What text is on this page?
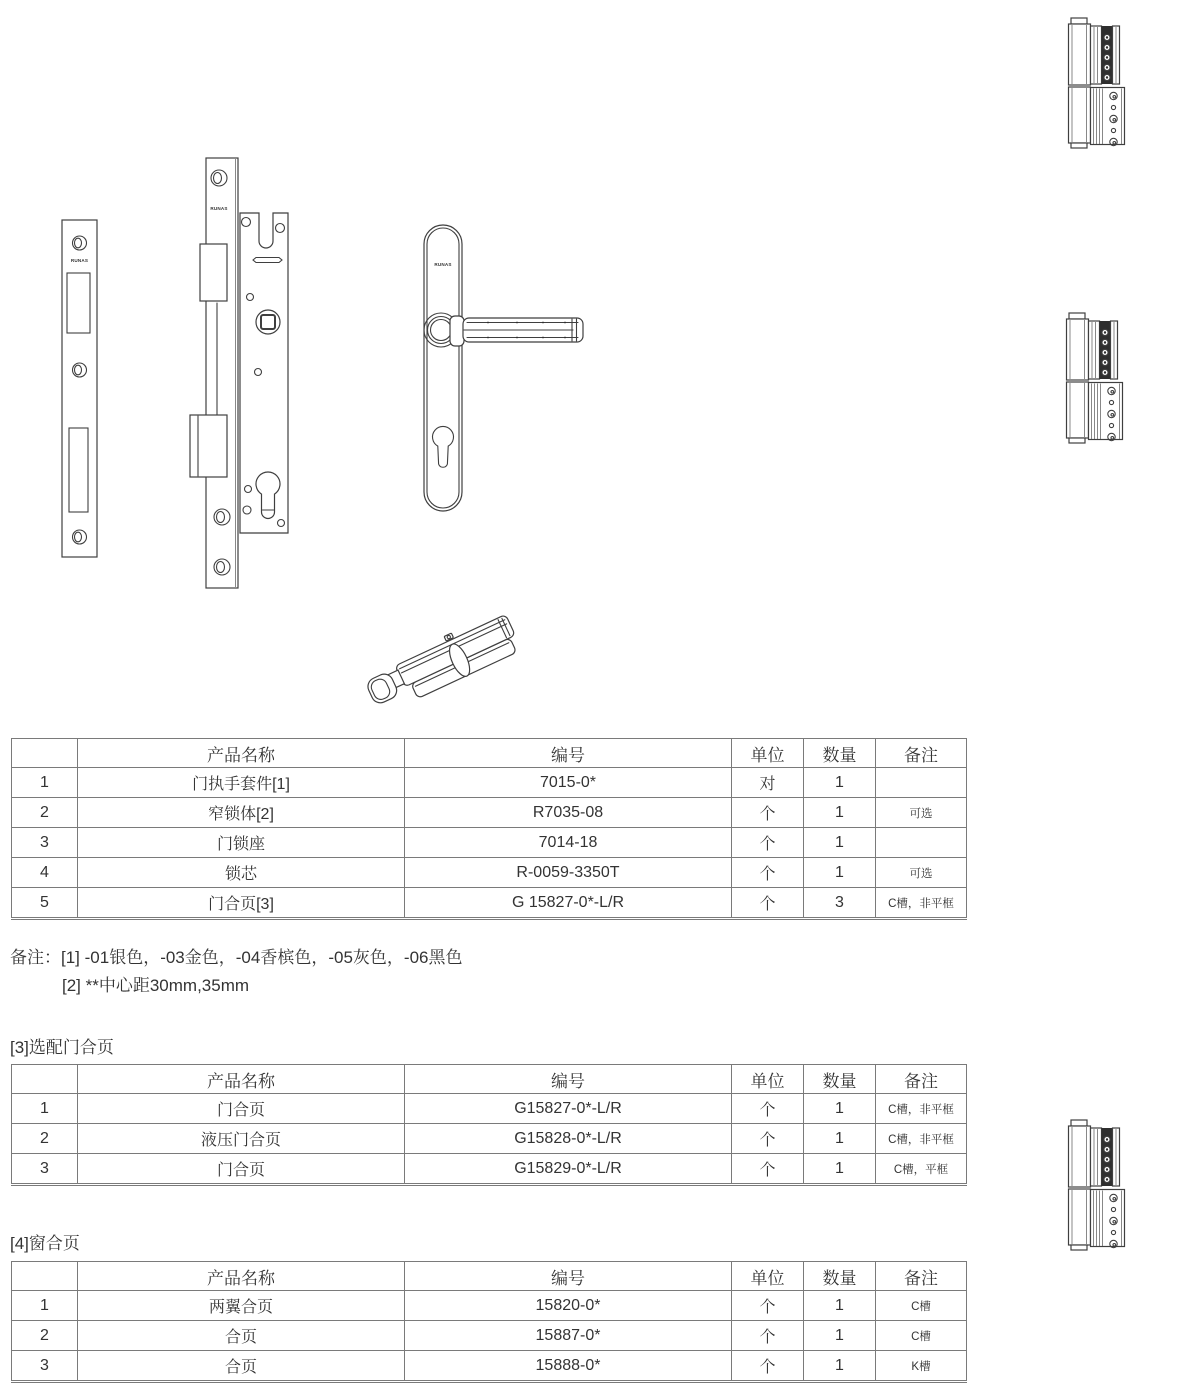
RUNAS
RUNAS
RUNAS
	产品名称	编号	单位	数量	备注
1	门执手套件[1]	7015-0*	对	1	
2	窄锁体[2]	R7035-08	个	1	可选
3	门锁座	7014-18	个	1	
4	锁芯	R-0059-3350T	个	1	可选
5	门合页[3]	G 15827-0*-L/R	个	3	C槽，非平框
备注：[1] -01银色，-03金色，-04香槟色，-05灰色，-06黑色
[2] **中心距30mm,35mm
[3]选配门合页
	产品名称	编号	单位	数量	备注
1	门合页	G15827-0*-L/R	个	1	C槽，非平框
2	液压门合页	G15828-0*-L/R	个	1	C槽，非平框
3	门合页	G15829-0*-L/R	个	1	C槽，平框
[4]窗合页
	产品名称	编号	单位	数量	备注
1	两翼合页	15820-0*	个	1	C槽
2	合页	15887-0*	个	1	C槽
3	合页	15888-0*	个	1	K槽
